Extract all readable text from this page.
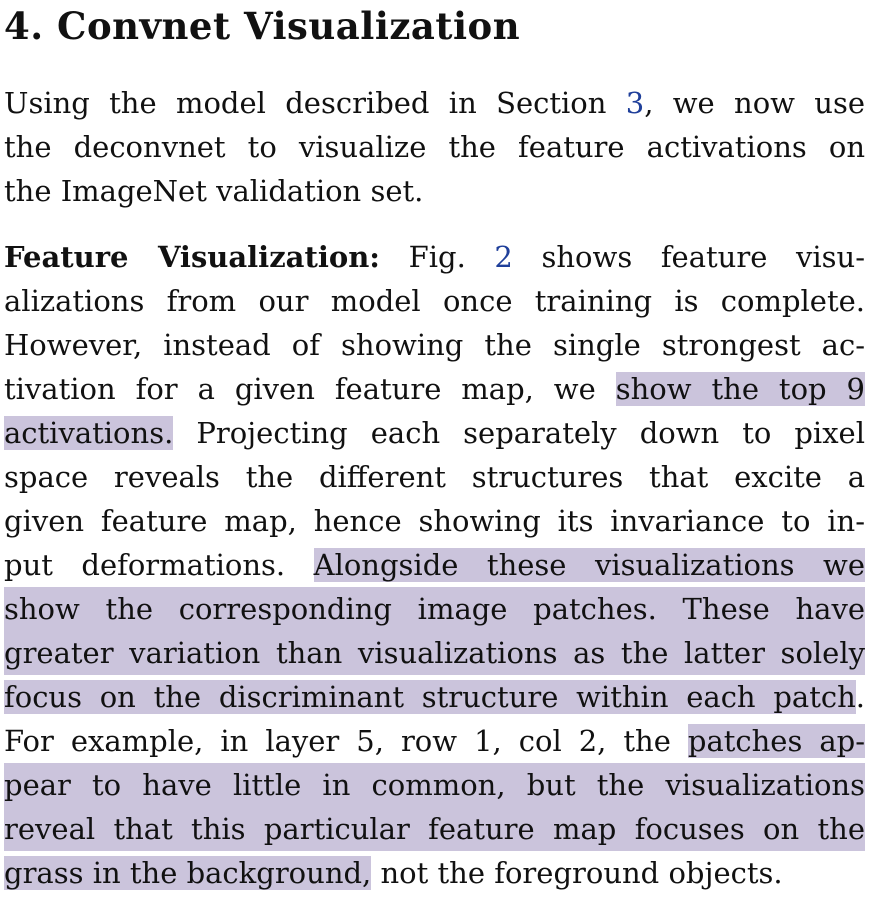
4. Convnet Visualization
Using the model described in Section 3, we now use
the deconvnet to visualize the feature activations on
the ImageNet validation set.
Feature Visualization: Fig. 2 shows feature visu-
alizations from our model once training is complete.
However, instead of showing the single strongest ac-
tivation for a given feature map, we show the top 9
activations. Projecting each separately down to pixel
space reveals the different structures that excite a
given feature map, hence showing its invariance to in-
put deformations. Alongside these visualizations we
show the corresponding image patches. These have
greater variation than visualizations as the latter solely
focus on the discriminant structure within each patch.
For example, in layer 5, row 1, col 2, the patches ap-
pear to have little in common, but the visualizations
reveal that this particular feature map focuses on the
grass in the background, not the foreground objects.
